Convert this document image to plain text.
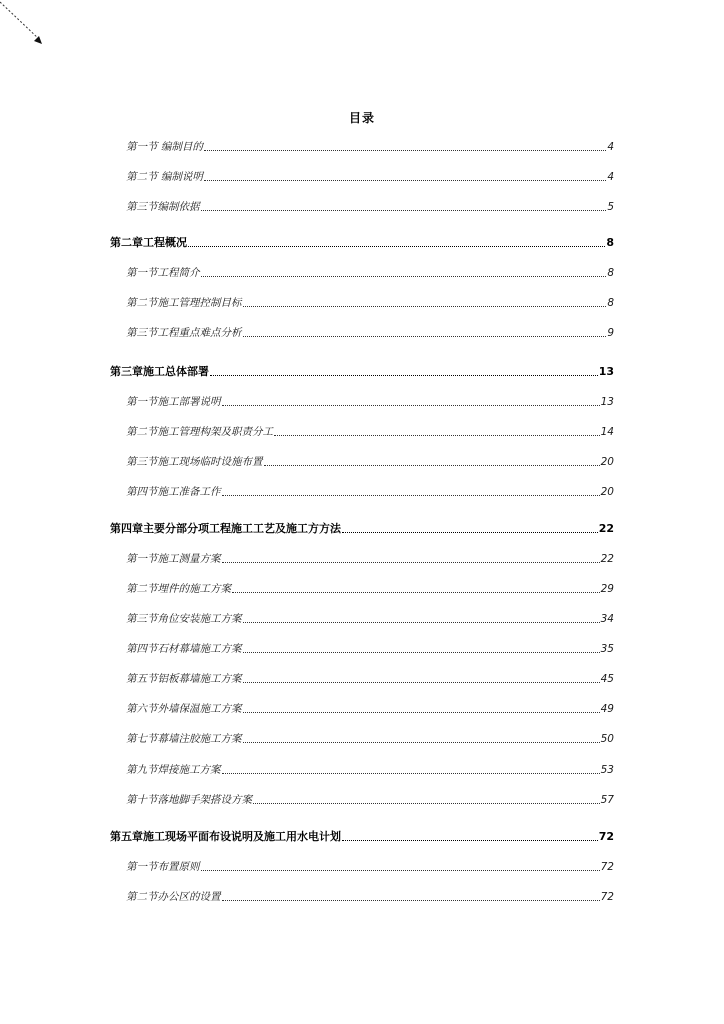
目录
第一节 编制目的	4
第二节 编制说明	4
第三节编制依据	5
第二章工程概况	8
第一节工程简介	8
第二节施工管理控制目标	8
第三节工程重点难点分析	9
第三章施工总体部署	13
第一节施工部署说明	13
第二节施工管理构架及职责分工	14
第三节施工现场临时设施布置	20
第四节施工准备工作	20
第四章主要分部分项工程施工工艺及施工方方法	22
第一节施工测量方案	22
第二节埋件的施工方案	29
第三节角位安装施工方案	34
第四节石材幕墙施工方案	35
第五节铝板幕墙施工方案	45
第六节外墙保温施工方案	49
第七节幕墙注胶施工方案	50
第九节焊接施工方案	53
第十节落地脚手架搭设方案	57
第五章施工现场平面布设说明及施工用水电计划	72
第一节布置原则	72
第二节办公区的设置	72
